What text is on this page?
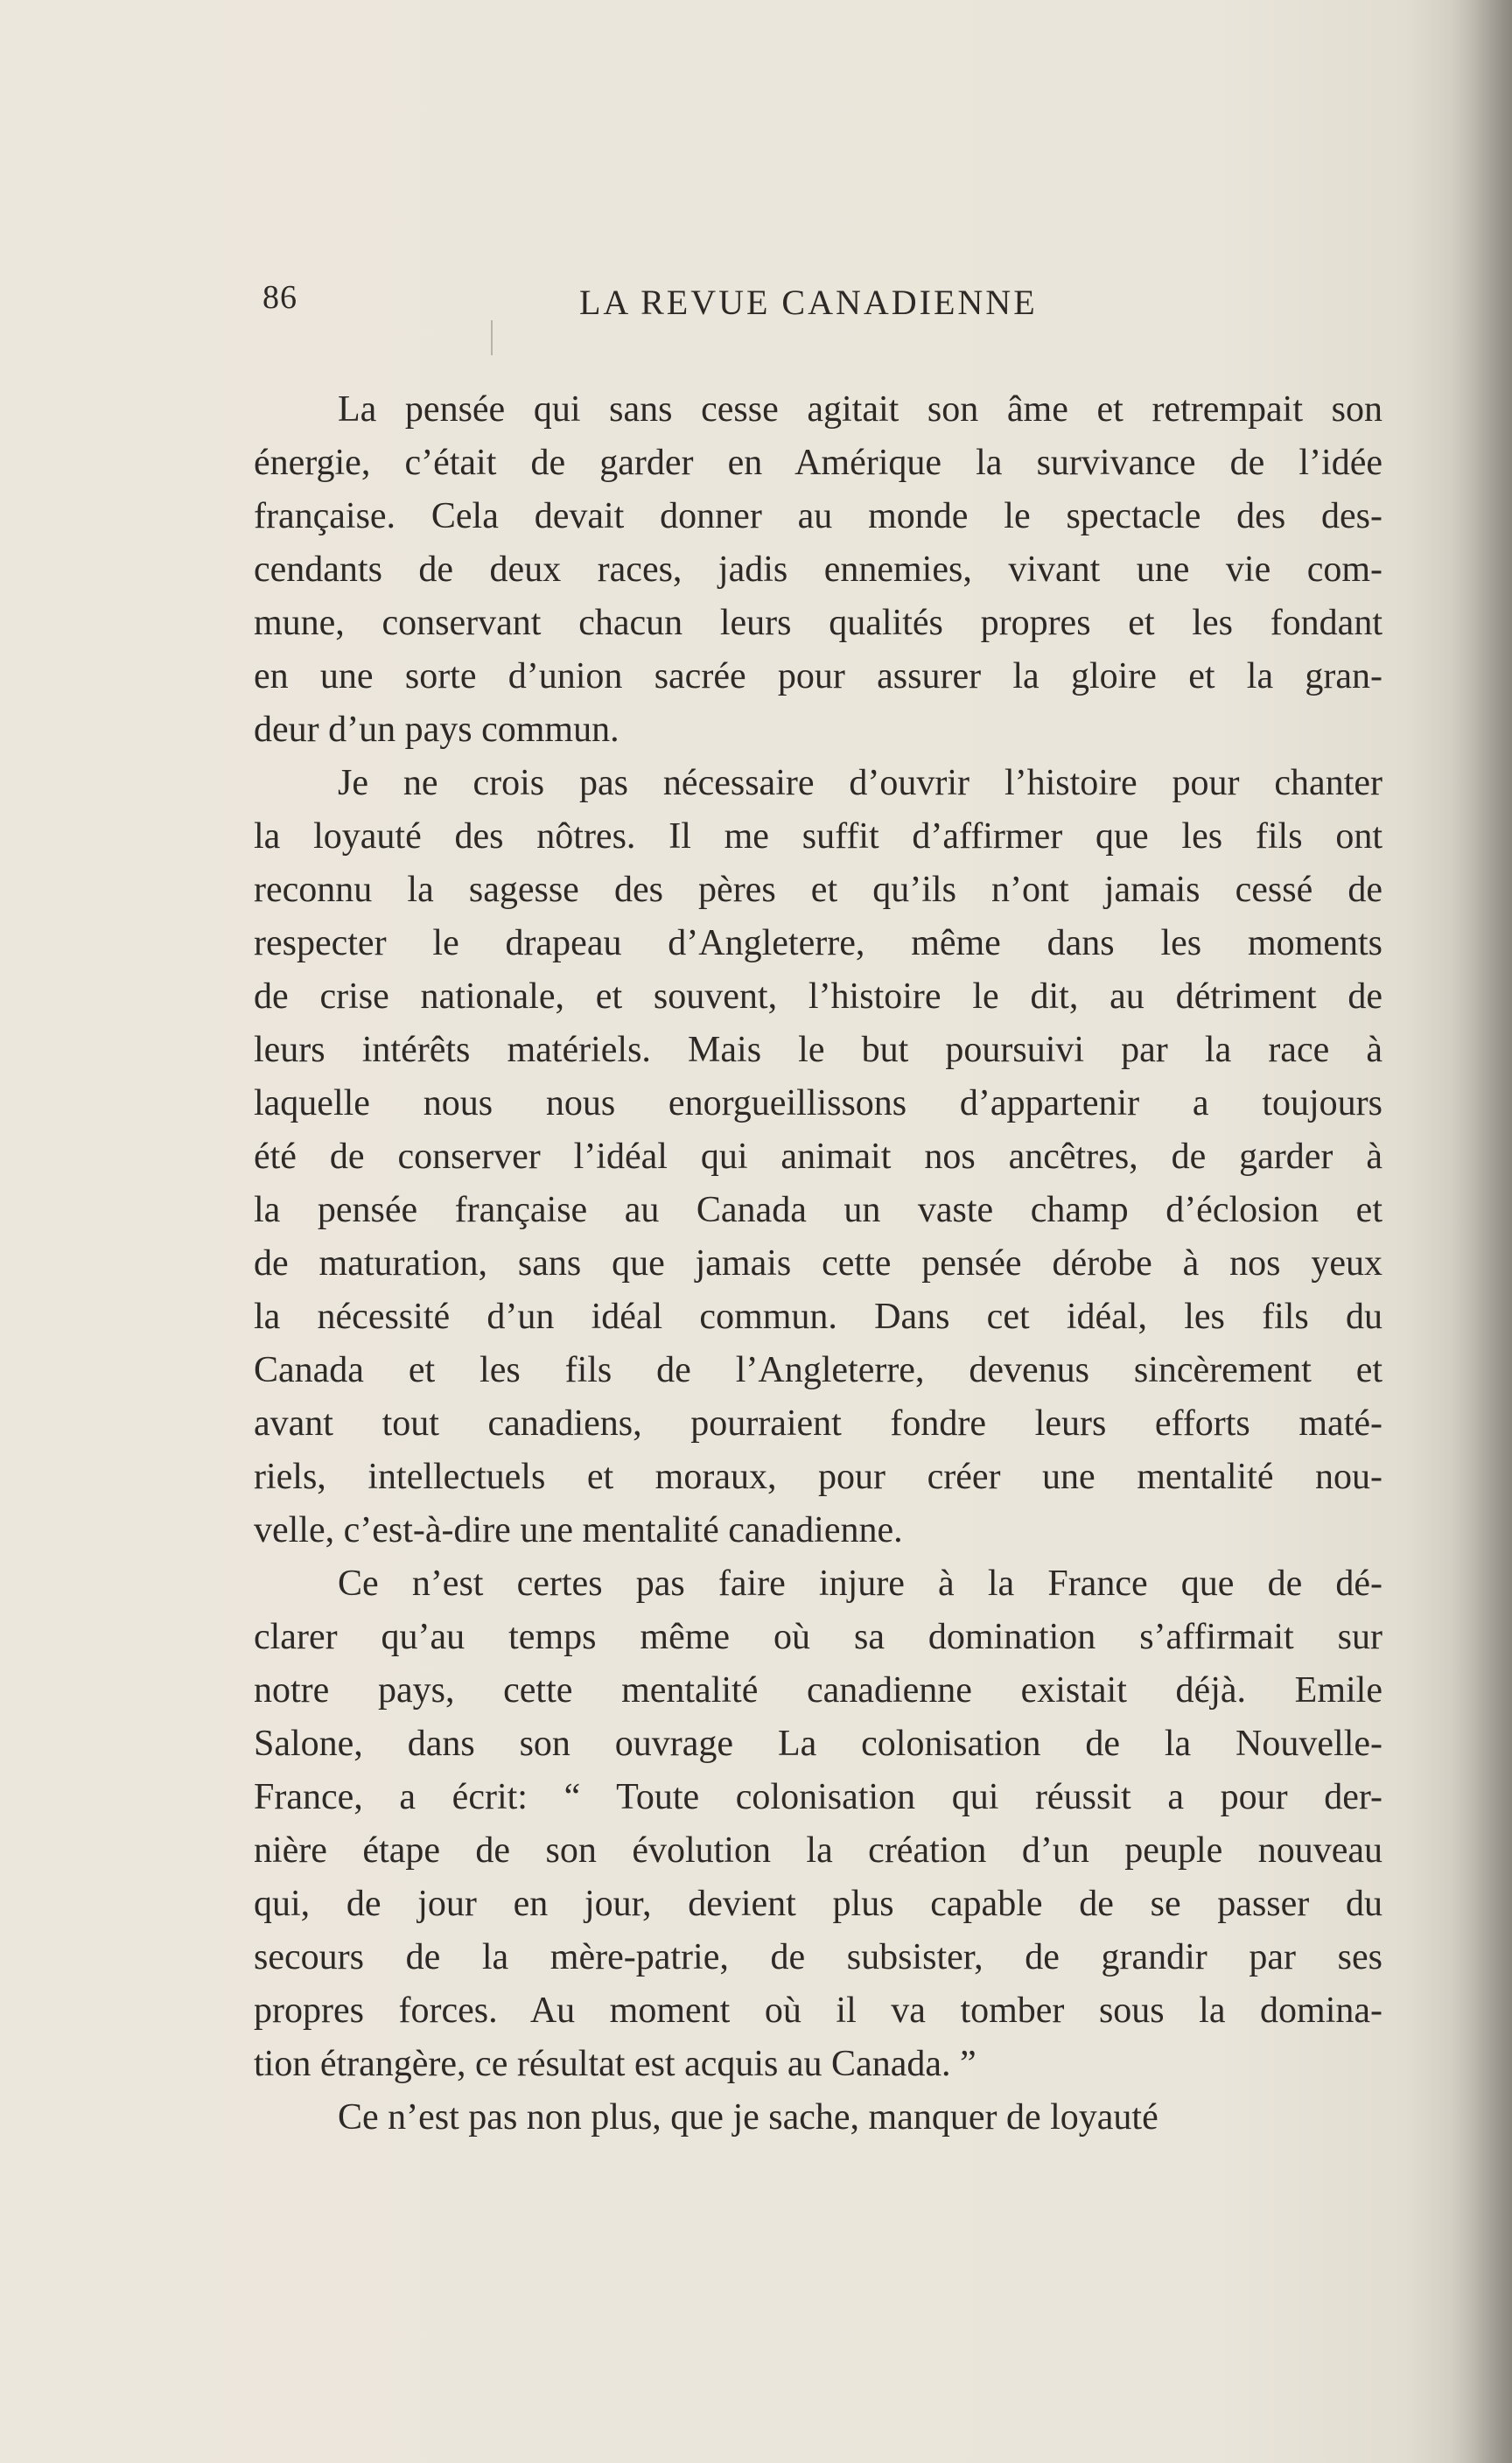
86	LA REVUE CANADIENNE
La pensée qui sans cesse agitait son âme et retrempait son
énergie, c’était de garder en Amérique la survivance de l’idée
française. Cela devait donner au monde le spectacle des des-
cendants de deux races, jadis ennemies, vivant une vie com-
mune, conservant chacun leurs qualités propres et les fondant
en une sorte d’union sacrée pour assurer la gloire et la gran-
deur d’un pays commun.
Je ne crois pas nécessaire d’ouvrir l’histoire pour chanter
la loyauté des nôtres. Il me suffit d’affirmer que les fils ont
reconnu la sagesse des pères et qu’ils n’ont jamais cessé de
respecter le drapeau d’Angleterre, même dans les moments
de crise nationale, et souvent, l’histoire le dit, au détriment de
leurs intérêts matériels. Mais le but poursuivi par la race à
laquelle nous nous enorgueillissons d’appartenir a toujours
été de conserver l’idéal qui animait nos ancêtres, de garder à
la pensée française au Canada un vaste champ d’éclosion et
de maturation, sans que jamais cette pensée dérobe à nos yeux
la nécessité d’un idéal commun. Dans cet idéal, les fils du
Canada et les fils de l’Angleterre, devenus sincèrement et
avant tout canadiens, pourraient fondre leurs efforts maté-
riels, intellectuels et moraux, pour créer une mentalité nou-
velle, c’est-à-dire une mentalité canadienne.
Ce n’est certes pas faire injure à la France que de dé-
clarer qu’au temps même où sa domination s’affirmait sur
notre pays, cette mentalité canadienne existait déjà. Emile
Salone, dans son ouvrage La colonisation de la Nouvelle-
France, a écrit: “ Toute colonisation qui réussit a pour der-
nière étape de son évolution la création d’un peuple nouveau
qui, de jour en jour, devient plus capable de se passer du
secours de la mère-patrie, de subsister, de grandir par ses
propres forces. Au moment où il va tomber sous la domina-
tion étrangère, ce résultat est acquis au Canada. ”
Ce n’est pas non plus, que je sache, manquer de loyauté
